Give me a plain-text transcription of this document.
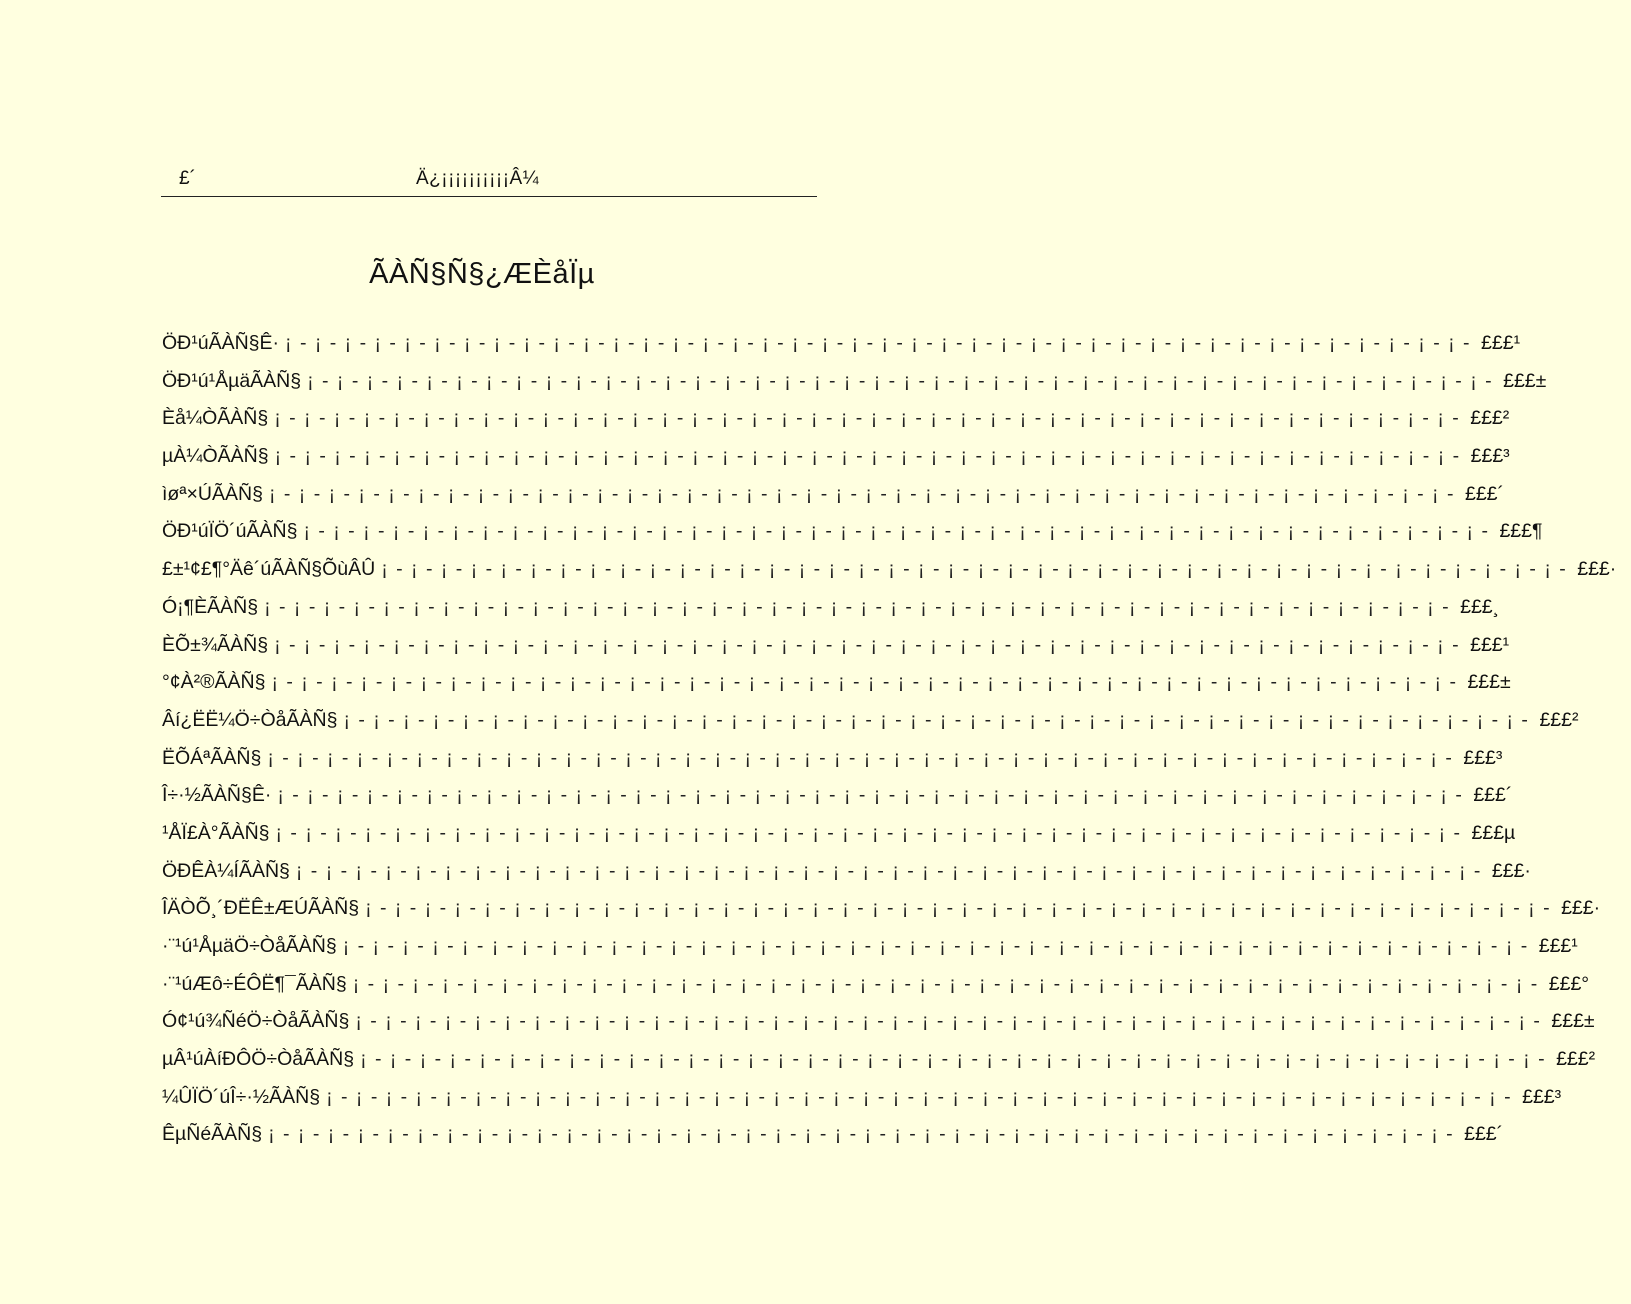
£´	Ä¿¡¡¡¡¡¡¡¡¡¡Â¼
ÃÀÑ§Ñ§¿ÆÈåÏµ
ÖÐ¹úÃÀÑ§Ê· ¡ - ¡ - ¡ - ¡ - ¡ - ¡ - ¡ - ¡ - ¡ - ¡ - ¡ - ¡ - ¡ - ¡ - ¡ - ¡ - ¡ - ¡ - ¡ - ¡ - ¡ - ¡ - ¡ - ¡ - ¡ - ¡ - ¡ - ¡ - ¡ - ¡ - ¡ - ¡ - ¡ - ¡ - ¡ - ¡ - ¡ - ¡ - ¡ - ¡ - £££¹
ÖÐ¹ú¹ÅµäÃÀÑ§ ¡ - ¡ - ¡ - ¡ - ¡ - ¡ - ¡ - ¡ - ¡ - ¡ - ¡ - ¡ - ¡ - ¡ - ¡ - ¡ - ¡ - ¡ - ¡ - ¡ - ¡ - ¡ - ¡ - ¡ - ¡ - ¡ - ¡ - ¡ - ¡ - ¡ - ¡ - ¡ - ¡ - ¡ - ¡ - ¡ - ¡ - ¡ - ¡ - ¡ - £££±
Èå¼ÒÃÀÑ§ ¡ - ¡ - ¡ - ¡ - ¡ - ¡ - ¡ - ¡ - ¡ - ¡ - ¡ - ¡ - ¡ - ¡ - ¡ - ¡ - ¡ - ¡ - ¡ - ¡ - ¡ - ¡ - ¡ - ¡ - ¡ - ¡ - ¡ - ¡ - ¡ - ¡ - ¡ - ¡ - ¡ - ¡ - ¡ - ¡ - ¡ - ¡ - ¡ - ¡ - £££²
µÀ¼ÒÃÀÑ§ ¡ - ¡ - ¡ - ¡ - ¡ - ¡ - ¡ - ¡ - ¡ - ¡ - ¡ - ¡ - ¡ - ¡ - ¡ - ¡ - ¡ - ¡ - ¡ - ¡ - ¡ - ¡ - ¡ - ¡ - ¡ - ¡ - ¡ - ¡ - ¡ - ¡ - ¡ - ¡ - ¡ - ¡ - ¡ - ¡ - ¡ - ¡ - ¡ - ¡ - £££³
ìøª×ÚÃÀÑ§ ¡ - ¡ - ¡ - ¡ - ¡ - ¡ - ¡ - ¡ - ¡ - ¡ - ¡ - ¡ - ¡ - ¡ - ¡ - ¡ - ¡ - ¡ - ¡ - ¡ - ¡ - ¡ - ¡ - ¡ - ¡ - ¡ - ¡ - ¡ - ¡ - ¡ - ¡ - ¡ - ¡ - ¡ - ¡ - ¡ - ¡ - ¡ - ¡ - ¡ - £££´
ÖÐ¹úÏÖ´úÃÀÑ§ ¡ - ¡ - ¡ - ¡ - ¡ - ¡ - ¡ - ¡ - ¡ - ¡ - ¡ - ¡ - ¡ - ¡ - ¡ - ¡ - ¡ - ¡ - ¡ - ¡ - ¡ - ¡ - ¡ - ¡ - ¡ - ¡ - ¡ - ¡ - ¡ - ¡ - ¡ - ¡ - ¡ - ¡ - ¡ - ¡ - ¡ - ¡ - ¡ - ¡ - £££¶
£±¹¢£¶°Äê´úÃÀÑ§ÕùÂÛ ¡ - ¡ - ¡ - ¡ - ¡ - ¡ - ¡ - ¡ - ¡ - ¡ - ¡ - ¡ - ¡ - ¡ - ¡ - ¡ - ¡ - ¡ - ¡ - ¡ - ¡ - ¡ - ¡ - ¡ - ¡ - ¡ - ¡ - ¡ - ¡ - ¡ - ¡ - ¡ - ¡ - ¡ - ¡ - ¡ - ¡ - ¡ - ¡ - ¡ - £££·
Ó¡¶ÈÃÀÑ§ ¡ - ¡ - ¡ - ¡ - ¡ - ¡ - ¡ - ¡ - ¡ - ¡ - ¡ - ¡ - ¡ - ¡ - ¡ - ¡ - ¡ - ¡ - ¡ - ¡ - ¡ - ¡ - ¡ - ¡ - ¡ - ¡ - ¡ - ¡ - ¡ - ¡ - ¡ - ¡ - ¡ - ¡ - ¡ - ¡ - ¡ - ¡ - ¡ - ¡ - £££¸
ÈÕ±¾ÃÀÑ§ ¡ - ¡ - ¡ - ¡ - ¡ - ¡ - ¡ - ¡ - ¡ - ¡ - ¡ - ¡ - ¡ - ¡ - ¡ - ¡ - ¡ - ¡ - ¡ - ¡ - ¡ - ¡ - ¡ - ¡ - ¡ - ¡ - ¡ - ¡ - ¡ - ¡ - ¡ - ¡ - ¡ - ¡ - ¡ - ¡ - ¡ - ¡ - ¡ - ¡ - £££¹
°¢À²®ÃÀÑ§ ¡ - ¡ - ¡ - ¡ - ¡ - ¡ - ¡ - ¡ - ¡ - ¡ - ¡ - ¡ - ¡ - ¡ - ¡ - ¡ - ¡ - ¡ - ¡ - ¡ - ¡ - ¡ - ¡ - ¡ - ¡ - ¡ - ¡ - ¡ - ¡ - ¡ - ¡ - ¡ - ¡ - ¡ - ¡ - ¡ - ¡ - ¡ - ¡ - ¡ - £££±
Âí¿ËË¼Ö÷ÒåÃÀÑ§ ¡ - ¡ - ¡ - ¡ - ¡ - ¡ - ¡ - ¡ - ¡ - ¡ - ¡ - ¡ - ¡ - ¡ - ¡ - ¡ - ¡ - ¡ - ¡ - ¡ - ¡ - ¡ - ¡ - ¡ - ¡ - ¡ - ¡ - ¡ - ¡ - ¡ - ¡ - ¡ - ¡ - ¡ - ¡ - ¡ - ¡ - ¡ - ¡ - ¡ - £££²
ËÕÁªÃÀÑ§ ¡ - ¡ - ¡ - ¡ - ¡ - ¡ - ¡ - ¡ - ¡ - ¡ - ¡ - ¡ - ¡ - ¡ - ¡ - ¡ - ¡ - ¡ - ¡ - ¡ - ¡ - ¡ - ¡ - ¡ - ¡ - ¡ - ¡ - ¡ - ¡ - ¡ - ¡ - ¡ - ¡ - ¡ - ¡ - ¡ - ¡ - ¡ - ¡ - ¡ - £££³
Î÷·½ÃÀÑ§Ê· ¡ - ¡ - ¡ - ¡ - ¡ - ¡ - ¡ - ¡ - ¡ - ¡ - ¡ - ¡ - ¡ - ¡ - ¡ - ¡ - ¡ - ¡ - ¡ - ¡ - ¡ - ¡ - ¡ - ¡ - ¡ - ¡ - ¡ - ¡ - ¡ - ¡ - ¡ - ¡ - ¡ - ¡ - ¡ - ¡ - ¡ - ¡ - ¡ - ¡ - £££´
¹ÅÏ£À°ÃÀÑ§ ¡ - ¡ - ¡ - ¡ - ¡ - ¡ - ¡ - ¡ - ¡ - ¡ - ¡ - ¡ - ¡ - ¡ - ¡ - ¡ - ¡ - ¡ - ¡ - ¡ - ¡ - ¡ - ¡ - ¡ - ¡ - ¡ - ¡ - ¡ - ¡ - ¡ - ¡ - ¡ - ¡ - ¡ - ¡ - ¡ - ¡ - ¡ - ¡ - ¡ - £££µ
ÖÐÊÀ¼ÍÃÀÑ§ ¡ - ¡ - ¡ - ¡ - ¡ - ¡ - ¡ - ¡ - ¡ - ¡ - ¡ - ¡ - ¡ - ¡ - ¡ - ¡ - ¡ - ¡ - ¡ - ¡ - ¡ - ¡ - ¡ - ¡ - ¡ - ¡ - ¡ - ¡ - ¡ - ¡ - ¡ - ¡ - ¡ - ¡ - ¡ - ¡ - ¡ - ¡ - ¡ - ¡ - £££·
ÎÄÒÕ¸´ÐËÊ±ÆÚÃÀÑ§ ¡ - ¡ - ¡ - ¡ - ¡ - ¡ - ¡ - ¡ - ¡ - ¡ - ¡ - ¡ - ¡ - ¡ - ¡ - ¡ - ¡ - ¡ - ¡ - ¡ - ¡ - ¡ - ¡ - ¡ - ¡ - ¡ - ¡ - ¡ - ¡ - ¡ - ¡ - ¡ - ¡ - ¡ - ¡ - ¡ - ¡ - ¡ - ¡ - ¡ - £££·
·¨¹ú¹ÅµäÖ÷ÒåÃÀÑ§ ¡ - ¡ - ¡ - ¡ - ¡ - ¡ - ¡ - ¡ - ¡ - ¡ - ¡ - ¡ - ¡ - ¡ - ¡ - ¡ - ¡ - ¡ - ¡ - ¡ - ¡ - ¡ - ¡ - ¡ - ¡ - ¡ - ¡ - ¡ - ¡ - ¡ - ¡ - ¡ - ¡ - ¡ - ¡ - ¡ - ¡ - ¡ - ¡ - ¡ - £££¹
·¨¹úÆô÷ÉÔË¶¯ÃÀÑ§ ¡ - ¡ - ¡ - ¡ - ¡ - ¡ - ¡ - ¡ - ¡ - ¡ - ¡ - ¡ - ¡ - ¡ - ¡ - ¡ - ¡ - ¡ - ¡ - ¡ - ¡ - ¡ - ¡ - ¡ - ¡ - ¡ - ¡ - ¡ - ¡ - ¡ - ¡ - ¡ - ¡ - ¡ - ¡ - ¡ - ¡ - ¡ - ¡ - ¡ - £££°
Ó¢¹ú¾ÑéÖ÷ÒåÃÀÑ§ ¡ - ¡ - ¡ - ¡ - ¡ - ¡ - ¡ - ¡ - ¡ - ¡ - ¡ - ¡ - ¡ - ¡ - ¡ - ¡ - ¡ - ¡ - ¡ - ¡ - ¡ - ¡ - ¡ - ¡ - ¡ - ¡ - ¡ - ¡ - ¡ - ¡ - ¡ - ¡ - ¡ - ¡ - ¡ - ¡ - ¡ - ¡ - ¡ - ¡ - £££±
µÂ¹úÀíÐÔÖ÷ÒåÃÀÑ§ ¡ - ¡ - ¡ - ¡ - ¡ - ¡ - ¡ - ¡ - ¡ - ¡ - ¡ - ¡ - ¡ - ¡ - ¡ - ¡ - ¡ - ¡ - ¡ - ¡ - ¡ - ¡ - ¡ - ¡ - ¡ - ¡ - ¡ - ¡ - ¡ - ¡ - ¡ - ¡ - ¡ - ¡ - ¡ - ¡ - ¡ - ¡ - ¡ - ¡ - £££²
¼ÛÏÖ´úÎ÷·½ÃÀÑ§ ¡ - ¡ - ¡ - ¡ - ¡ - ¡ - ¡ - ¡ - ¡ - ¡ - ¡ - ¡ - ¡ - ¡ - ¡ - ¡ - ¡ - ¡ - ¡ - ¡ - ¡ - ¡ - ¡ - ¡ - ¡ - ¡ - ¡ - ¡ - ¡ - ¡ - ¡ - ¡ - ¡ - ¡ - ¡ - ¡ - ¡ - ¡ - ¡ - ¡ - £££³
ÊµÑéÃÀÑ§ ¡ - ¡ - ¡ - ¡ - ¡ - ¡ - ¡ - ¡ - ¡ - ¡ - ¡ - ¡ - ¡ - ¡ - ¡ - ¡ - ¡ - ¡ - ¡ - ¡ - ¡ - ¡ - ¡ - ¡ - ¡ - ¡ - ¡ - ¡ - ¡ - ¡ - ¡ - ¡ - ¡ - ¡ - ¡ - ¡ - ¡ - ¡ - ¡ - ¡ - £££´
